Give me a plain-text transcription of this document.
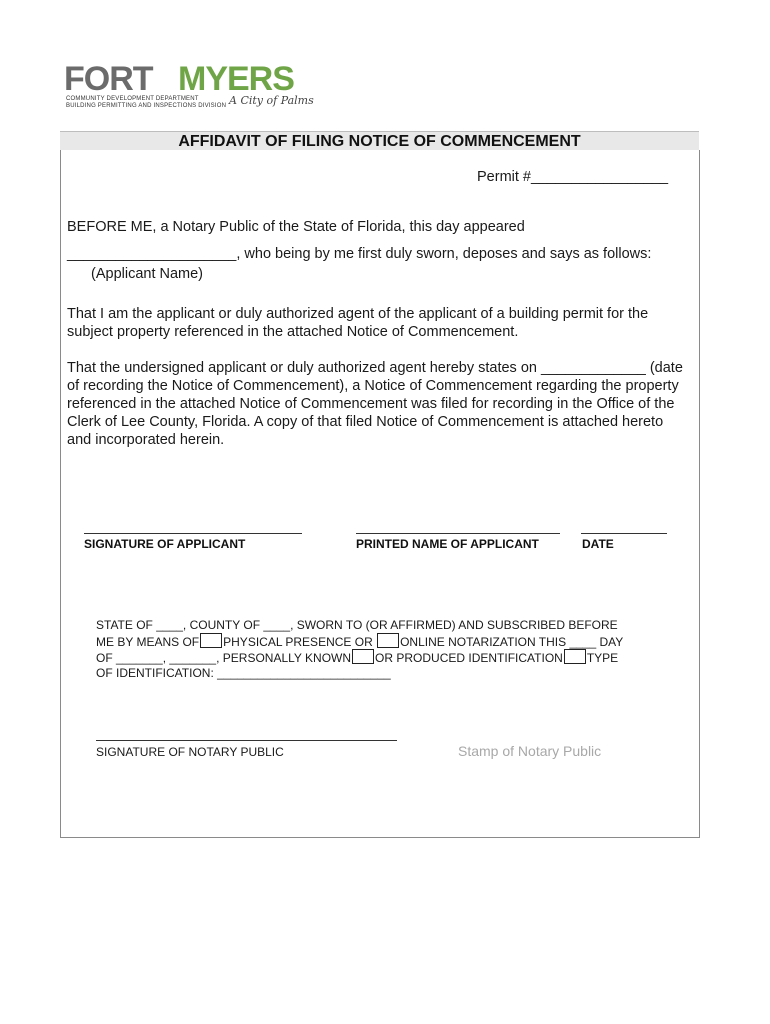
FORT MYERS
COMMUNITY DEVELOPMENT DEPARTMENT
BUILDING PERMITTING AND INSPECTIONS DIVISION A City of Palms
AFFIDAVIT OF FILING NOTICE OF COMMENCEMENT
Permit #_________________
BEFORE ME, a Notary Public of the State of Florida, this day appeared
_____________________, who being by me first duly sworn, deposes and says as follows:
(Applicant Name)
That I am the applicant or duly authorized agent of the applicant of a building permit for the subject property referenced in the attached Notice of Commencement.
That the undersigned applicant or duly authorized agent hereby states on _____________ (date of recording the Notice of Commencement), a Notice of Commencement regarding the property referenced in the attached Notice of Commencement was filed for recording in the Office of the Clerk of Lee County, Florida. A copy of that filed Notice of Commencement is attached hereto and incorporated herein.
SIGNATURE OF APPLICANT	PRINTED NAME OF APPLICANT	DATE
STATE OF ____, COUNTY OF ____, SWORN TO (OR AFFIRMED) AND SUBSCRIBED BEFORE
ME BY MEANS OF PHYSICAL PRESENCE OR ONLINE NOTARIZATION THIS ____ DAY
OF _______, _______, PERSONALLY KNOWN OR PRODUCED IDENTIFICATION TYPE
OF IDENTIFICATION: __________________________
SIGNATURE OF NOTARY PUBLIC	Stamp of Notary Public
